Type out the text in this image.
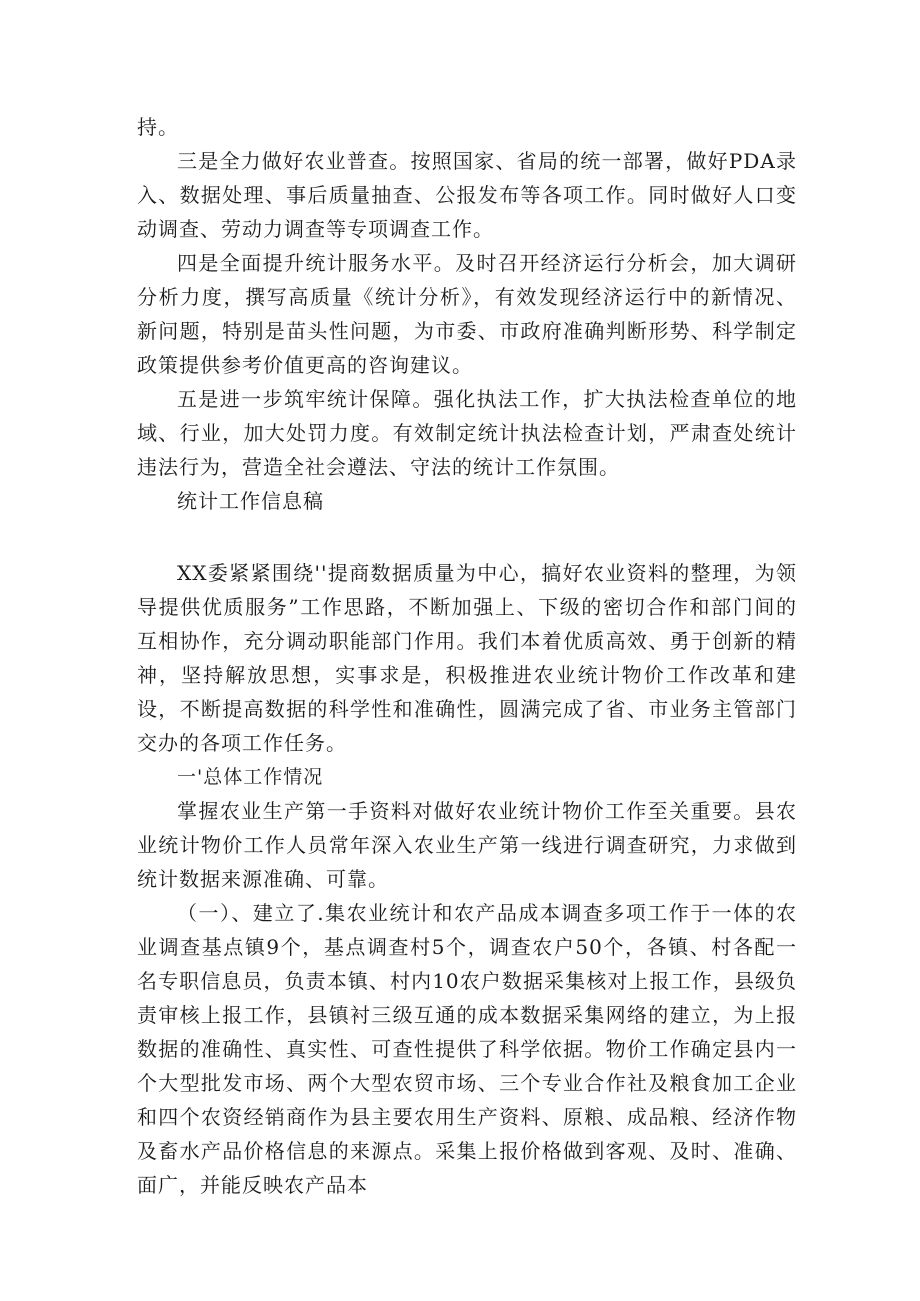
持。

三是全力做好农业普查。按照国家、省局的统一部署，做好PDA录入、数据处理、事后质量抽查、公报发布等各项工作。同时做好人口变动调查、劳动力调查等专项调查工作。

四是全面提升统计服务水平。及时召开经济运行分析会，加大调研分析力度，撰写高质量《统计分析》，有效发现经济运行中的新情况、新问题，特别是苗头性问题，为市委、市政府准确判断形势、科学制定政策提供参考价值更高的咨询建议。

五是进一步筑牢统计保障。强化执法工作，扩大执法检查单位的地域、行业，加大处罚力度。有效制定统计执法检查计划，严肃查处统计违法行为，营造全社会遵法、守法的统计工作氛围。

统计工作信息稿

XX委紧紧围绕''提商数据质量为中心，搞好农业资料的整理，为领导提供优质服务”工作思路，不断加强上、下级的密切合作和部门间的互相协作，充分调动职能部门作用。我们本着优质高效、勇于创新的精神，坚持解放思想，实事求是，积极推进农业统计物价工作改革和建设，不断提高数据的科学性和准确性，圆满完成了省、市业务主管部门交办的各项工作任务。

一'总体工作情况

掌握农业生产第一手资料对做好农业统计物价工作至关重要。县农业统计物价工作人员常年深入农业生产第一线进行调查研究，力求做到统计数据来源准确、可靠。

（一）、建立了.集农业统计和农产品成本调查多项工作于一体的农业调查基点镇9个，基点调查村5个，调查农户50个，各镇、村各配一名专职信息员，负责本镇、村内10农户数据采集核对上报工作，县级负责审核上报工作，县镇衬三级互通的成本数据采集网络的建立，为上报数据的准确性、真实性、可查性提供了科学依据。物价工作确定县内一个大型批发市场、两个大型农贸市场、三个专业合作社及粮食加工企业和四个农资经销商作为县主要农用生产资料、原粮、成品粮、经济作物及畜水产品价格信息的来源点。采集上报价格做到客观、及时、准确、面广，并能反映农产品本
